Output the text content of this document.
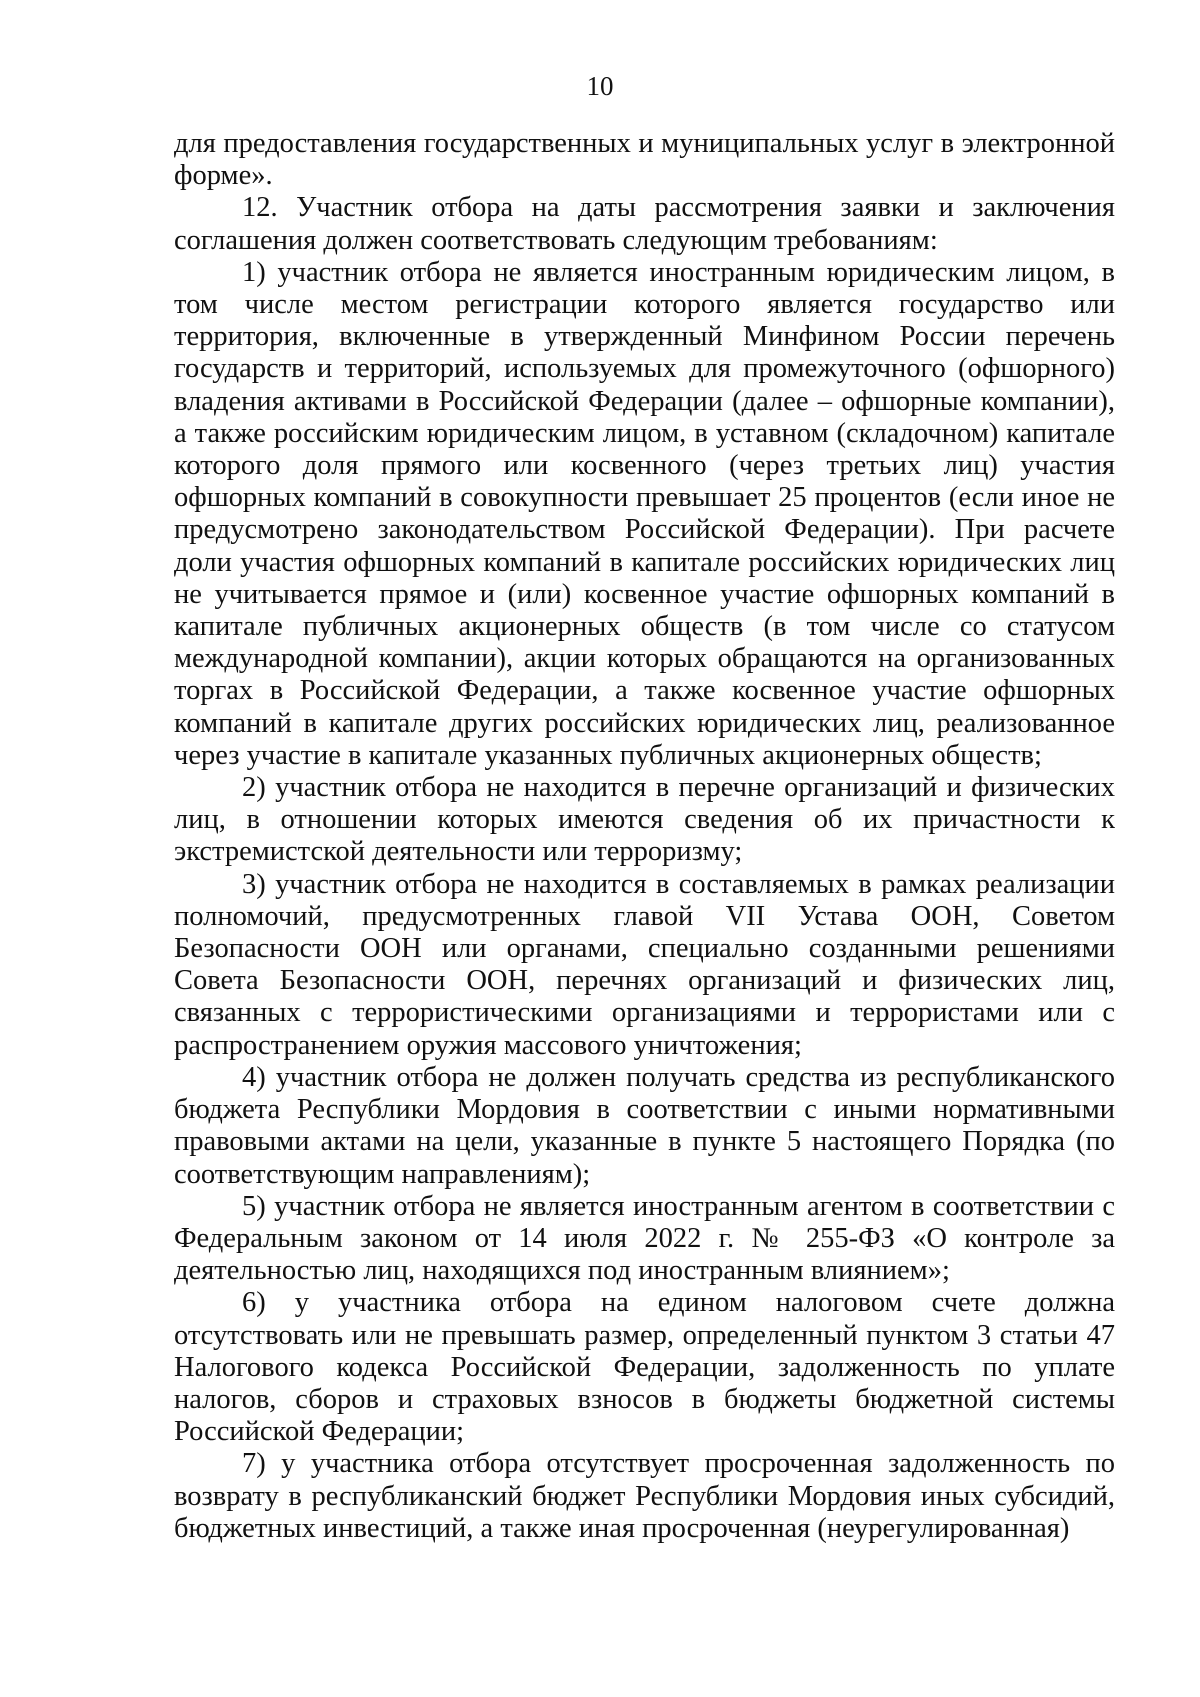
10

для предоставления государственных и муниципальных услуг в электронной форме».

12. Участник отбора на даты рассмотрения заявки и заключения соглашения должен соответствовать следующим требованиям:

1) участник отбора не является иностранным юридическим лицом, в том числе местом регистрации которого является государство или территория, включенные в утвержденный Минфином России перечень государств и территорий, используемых для промежуточного (офшорного) владения активами в Российской Федерации (далее – офшорные компании), а также российским юридическим лицом, в уставном (складочном) капитале которого доля прямого или косвенного (через третьих лиц) участия офшорных компаний в совокупности превышает 25 процентов (если иное не предусмотрено законодательством Российской Федерации). При расчете доли участия офшорных компаний в капитале российских юридических лиц не учитывается прямое и (или) косвенное участие офшорных компаний в капитале публичных акционерных обществ (в том числе со статусом международной компании), акции которых обращаются на организованных торгах в Российской Федерации, а также косвенное участие офшорных компаний в капитале других российских юридических лиц, реализованное через участие в капитале указанных публичных акционерных обществ;

2) участник отбора не находится в перечне организаций и физических лиц, в отношении которых имеются сведения об их причастности к экстремистской деятельности или терроризму;

3) участник отбора не находится в составляемых в рамках реализации полномочий, предусмотренных главой VII Устава ООН, Советом Безопасности ООН или органами, специально созданными решениями Совета Безопасности ООН, перечнях организаций и физических лиц, связанных с террористическими организациями и террористами или с распространением оружия массового уничтожения;

4) участник отбора не должен получать средства из республиканского бюджета Республики Мордовия в соответствии с иными нормативными правовыми актами на цели, указанные в пункте 5 настоящего Порядка (по соответствующим направлениям);

5) участник отбора не является иностранным агентом в соответствии с Федеральным законом от 14 июля 2022 г. № 255-ФЗ «О контроле за деятельностью лиц, находящихся под иностранным влиянием»;

6) у участника отбора на едином налоговом счете должна отсутствовать или не превышать размер, определенный пунктом 3 статьи 47 Налогового кодекса Российской Федерации, задолженность по уплате налогов, сборов и страховых взносов в бюджеты бюджетной системы Российской Федерации;

7) у участника отбора отсутствует просроченная задолженность по возврату в республиканский бюджет Республики Мордовия иных субсидий, бюджетных инвестиций, а также иная просроченная (неурегулированная)
